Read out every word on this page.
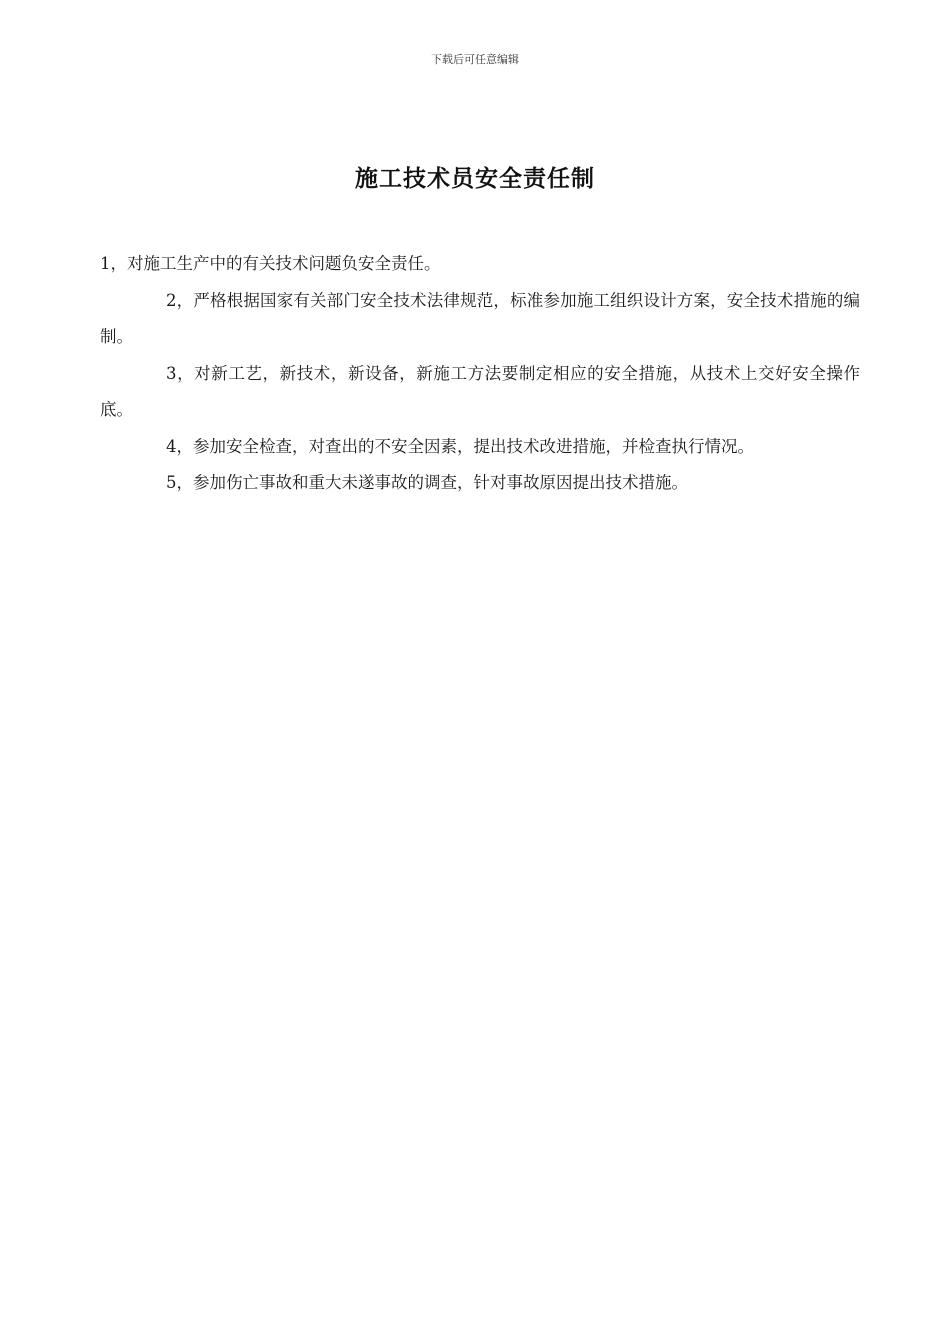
下载后可任意编辑
施工技术员安全责任制

1，对施工生产中的有关技术问题负安全责任。

2，严格根据国家有关部门安全技术法律规范，标准参加施工组织设计方案，安全技术措施的编制。

3，对新工艺，新技术，新设备，新施工方法要制定相应的安全措施，从技术上交好安全操作底。

4，参加安全检查，对查出的不安全因素，提出技术改进措施，并检查执行情况。

5，参加伤亡事故和重大未遂事故的调查，针对事故原因提出技术措施。
